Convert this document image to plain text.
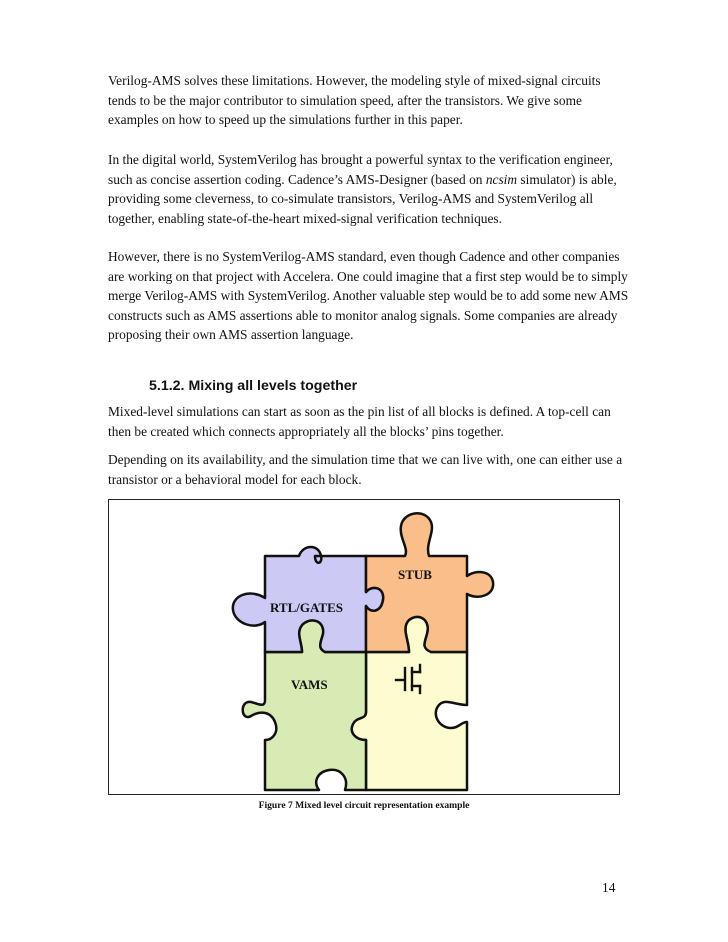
Verilog-AMS solves these limitations. However, the modeling style of mixed-signal circuits tends to be the major contributor to simulation speed, after the transistors. We give some examples on how to speed up the simulations further in this paper.

In the digital world, SystemVerilog has brought a powerful syntax to the verification engineer, such as concise assertion coding. Cadence’s AMS-Designer (based on ncsim simulator) is able, providing some cleverness, to co-simulate transistors, Verilog-AMS and SystemVerilog all together, enabling state-of-the-heart mixed-signal verification techniques.

However, there is no SystemVerilog-AMS standard, even though Cadence and other companies are working on that project with Accelera. One could imagine that a first step would be to simply merge Verilog-AMS with SystemVerilog. Another valuable step would be to add some new AMS constructs such as AMS assertions able to monitor analog signals. Some companies are already proposing their own AMS assertion language.

5.1.2. Mixing all levels together

Mixed-level simulations can start as soon as the pin list of all blocks is defined. A top-cell can then be created which connects appropriately all the blocks’ pins together.

Depending on its availability, and the simulation time that we can live with, one can either use a transistor or a behavioral model for each block.

STUB
RTL/GATES
VAMS

Figure 7 Mixed level circuit representation example

14
